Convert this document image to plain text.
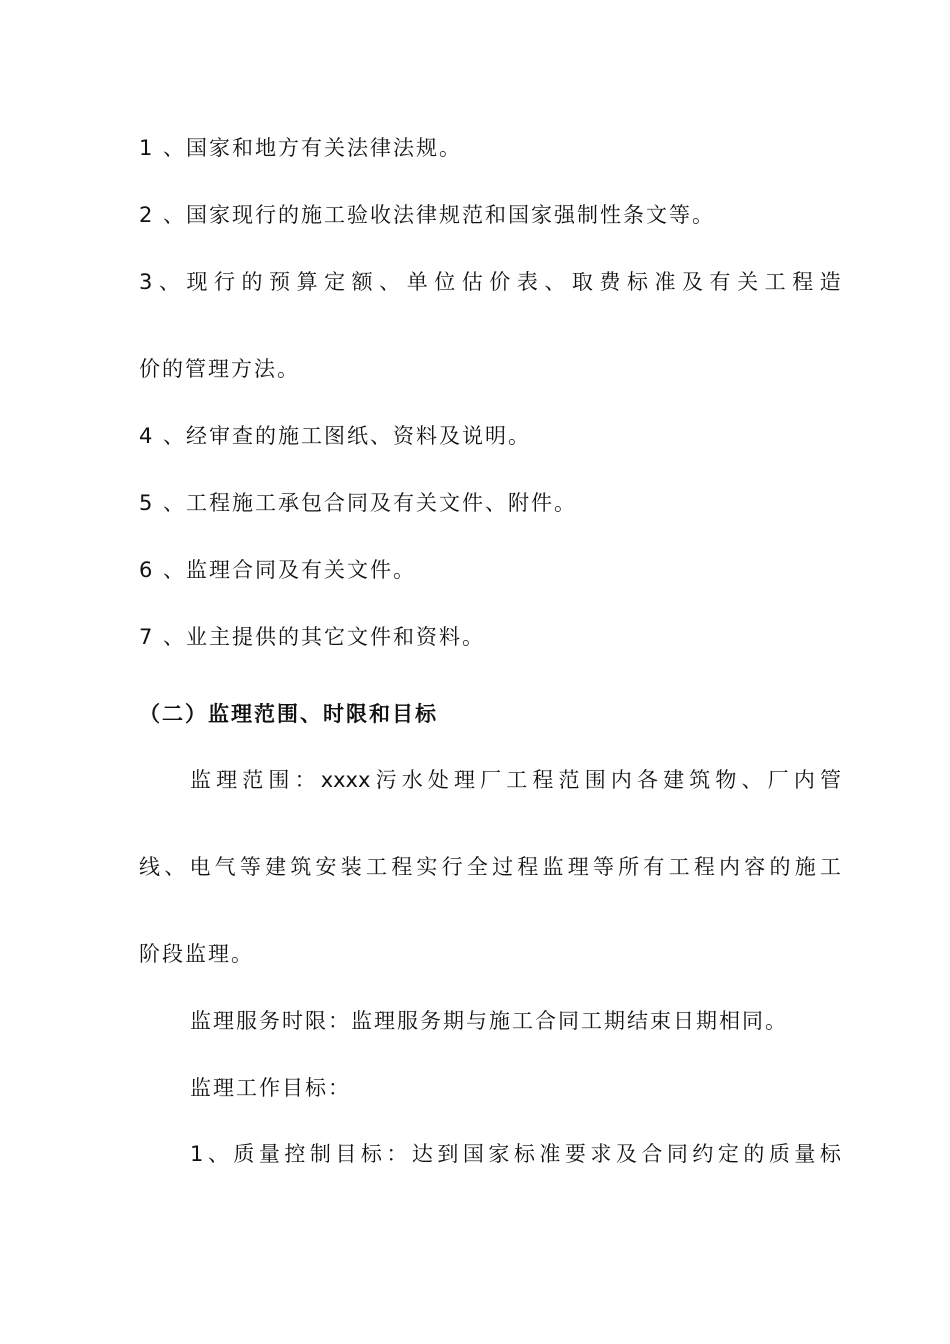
1 、国家和地方有关法律法规。
2 、国家现行的施工验收法律规范和国家强制性条文等。
3 、 现 行 的 预 算 定 额 、 单 位 估 价 表 、 取 费 标 准 及 有 关 工 程 造
价的管理方法。
4 、经审查的施工图纸、资料及说明。
5 、工程施工承包合同及有关文件、附件。
6 、监理合同及有关文件。
7 、业主提供的其它文件和资料。
（二）监理范围、时限和目标
监 理 范 围 ： xxxx 污 水 处 理 厂 工 程 范 围 内 各 建 筑 物 、 厂 内 管
线 、 电 气 等 建 筑 安 装 工 程 实 行 全 过 程 监 理 等 所 有 工 程 内 容 的 施 工
阶段监理。
监理服务时限：监理服务期与施工合同工期结束日期相同。
监理工作目标：
1 、 质 量 控 制 目 标 ： 达 到 国 家 标 准 要 求 及 合 同 约 定 的 质 量 标
